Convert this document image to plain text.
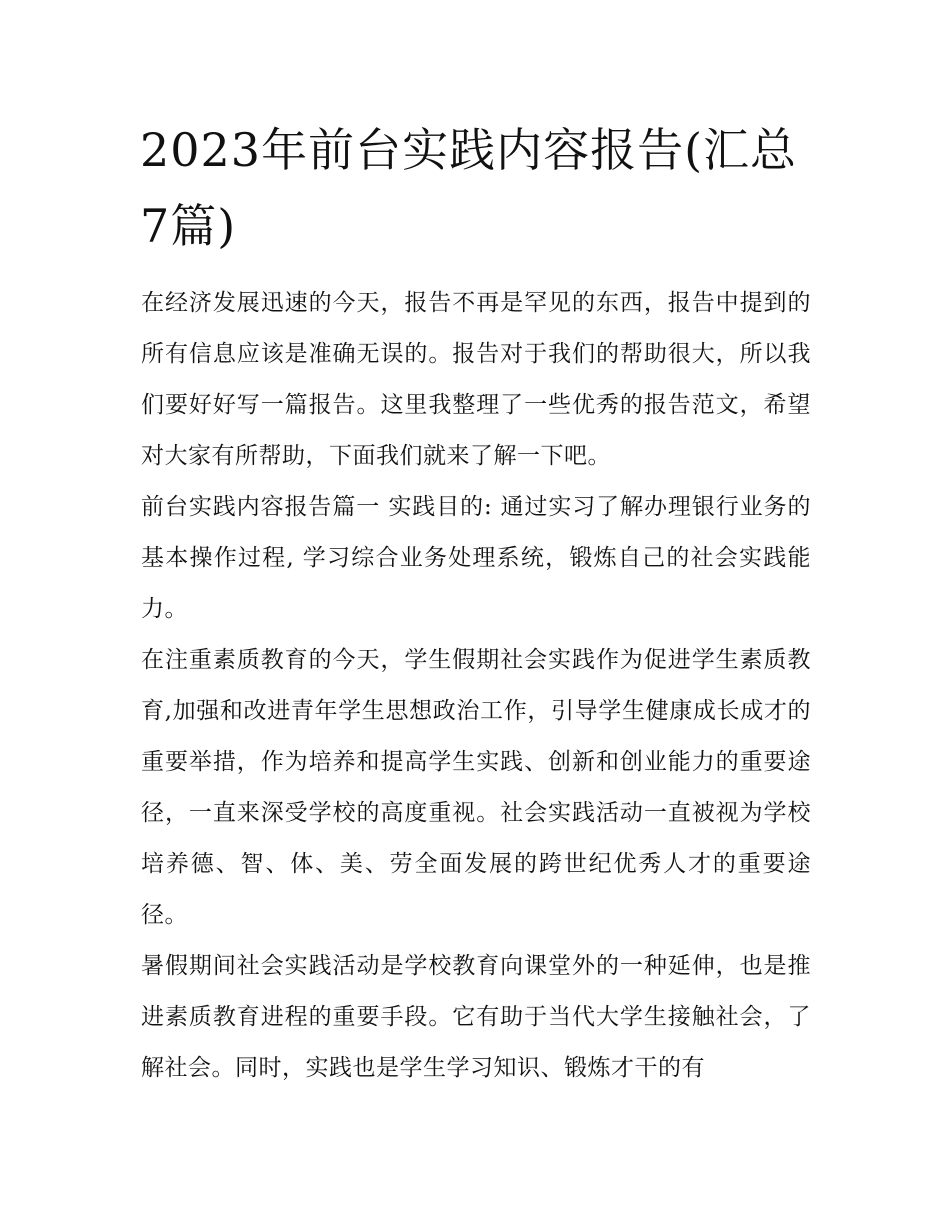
2023年前台实践内容报告(汇总7篇)

在经济发展迅速的今天，报告不再是罕见的东西，报告中提到的所有信息应该是准确无误的。报告对于我们的帮助很大，所以我们要好好写一篇报告。这里我整理了一些优秀的报告范文，希望对大家有所帮助，下面我们就来了解一下吧。

前台实践内容报告篇一 实践目的: 通过实习了解办理银行业务的基本操作过程, 学习综合业务处理系统，锻炼自己的社会实践能力。

在注重素质教育的今天，学生假期社会实践作为促进学生素质教育,加强和改进青年学生思想政治工作，引导学生健康成长成才的重要举措，作为培养和提高学生实践、创新和创业能力的重要途径，一直来深受学校的高度重视。社会实践活动一直被视为学校培养德、智、体、美、劳全面发展的跨世纪优秀人才的重要途径。

暑假期间社会实践活动是学校教育向课堂外的一种延伸，也是推进素质教育进程的重要手段。它有助于当代大学生接触社会，了解社会。同时，实践也是学生学习知识、锻炼才干的有
